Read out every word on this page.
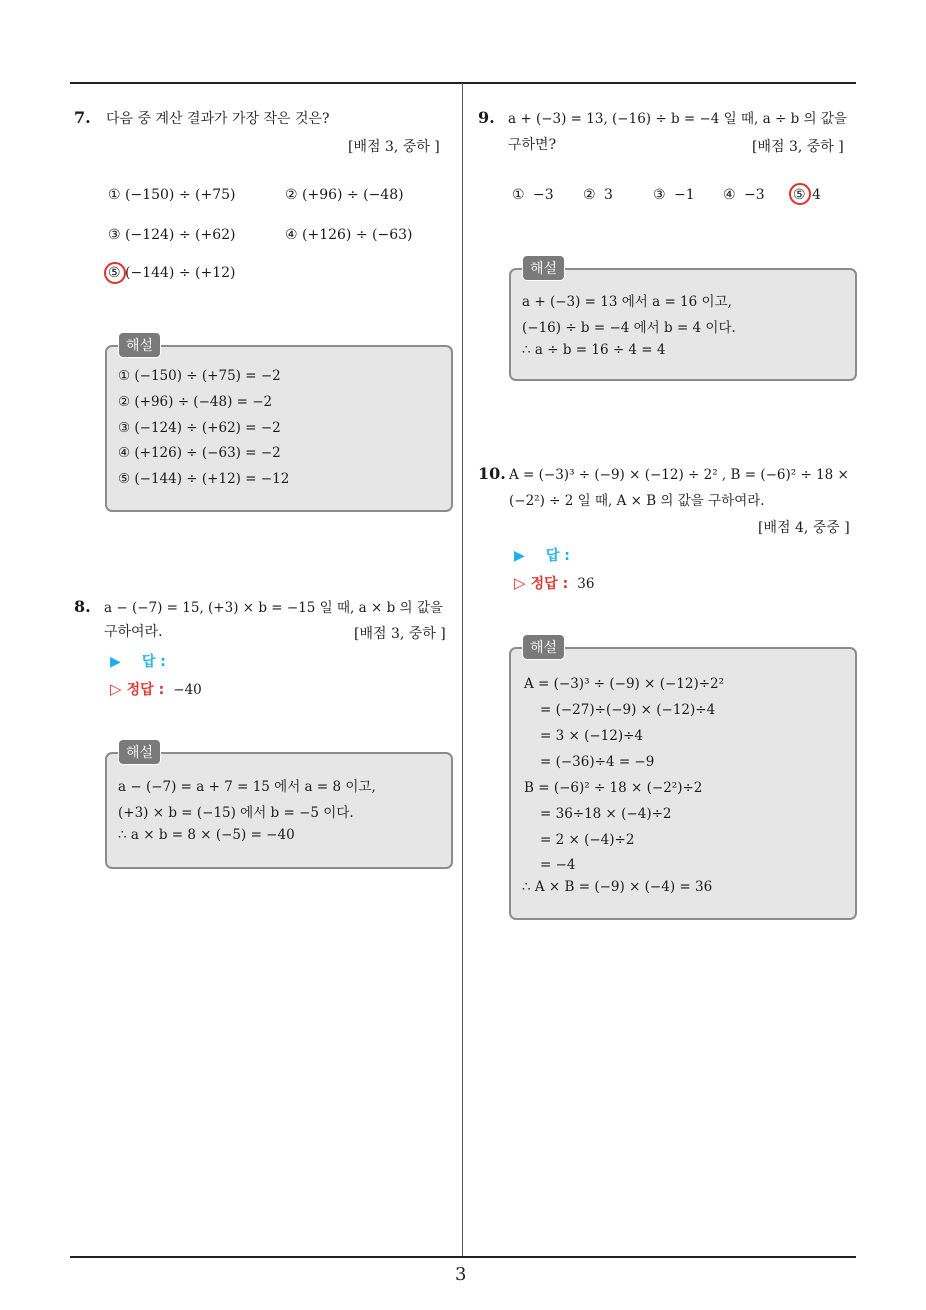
3
7. 다음 중 계산 결과가 가장 작은 것은?
[배점 3, 중하 ]
① (−150) ÷ (+75)	② (+96) ÷ (−48)
③ (−124) ÷ (+62)	④ (+126) ÷ (−63)
⑤ (−144) ÷ (+12)
해설
① (−150) ÷ (+75) = −2
② (+96) ÷ (−48) = −2
③ (−124) ÷ (+62) = −2
④ (+126) ÷ (−63) = −2
⑤ (−144) ÷ (+12) = −12
8. a − (−7) = 15, (+3) × b = −15 일 때, a × b 의 값을
구하여라.	[배점 3, 중하 ]
▶ 답 :
▷ 정답 : −40
해설
a − (−7) = a + 7 = 15 에서 a = 8 이고,
(+3) × b = (−15) 에서 b = −5 이다.
∴ a × b = 8 × (−5) = −40
9. a + (−3) = 13, (−16) ÷ b = −4 일 때, a ÷ b 의 값을
구하면?	[배점 3, 중하 ]
① −3 ② 3	③ −1 ④ −3 ⑤ 4
해설
a + (−3) = 13 에서 a = 16 이고,
(−16) ÷ b = −4 에서 b = 4 이다.
∴ a ÷ b = 16 ÷ 4 = 4
10. A = (−3)³ ÷ (−9) × (−12) ÷ 2² , B = (−6)² ÷ 18 ×
(−2²) ÷ 2 일 때, A × B 의 값을 구하여라.
[배점 4, 중중 ]
▶ 답 :
▷ 정답 : 36
해설
A = (−3)³ ÷ (−9) × (−12)÷2²
= (−27)÷(−9) × (−12)÷4
= 3 × (−12)÷4
= (−36)÷4 = −9
B = (−6)² ÷ 18 × (−2²)÷2
= 36÷18 × (−4)÷2
= 2 × (−4)÷2
= −4
∴ A × B = (−9) × (−4) = 36
